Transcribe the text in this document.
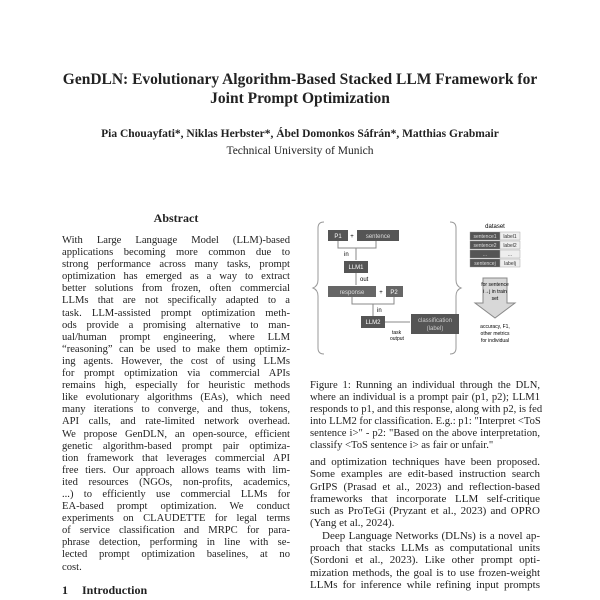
GenDLN: Evolutionary Algorithm-Based Stacked LLM Framework for
Joint Prompt Optimization
Pia Chouayfati*, Niklas Herbster*, Ábel Domonkos Sáfrán*, Matthias Grabmair
Technical University of Munich
Abstract
With Large Language Model (LLM)-based
applications becoming more common due to
strong performance across many tasks, prompt
optimization has emerged as a way to extract
better solutions from frozen, often commercial
LLMs that are not specifically adapted to a
task. LLM-assisted prompt optimization meth-
ods provide a promising alternative to man-
ual/human prompt engineering, where LLM
“reasoning” can be used to make them optimiz-
ing agents. However, the cost of using LLMs
for prompt optimization via commercial APIs
remains high, especially for heuristic methods
like evolutionary algorithms (EAs), which need
many iterations to converge, and thus, tokens,
API calls, and rate-limited network overhead.
We propose GenDLN, an open-source, efficient
genetic algorithm-based prompt pair optimiza-
tion framework that leverages commercial API
free tiers. Our approach allows teams with lim-
ited resources (NGOs, non-profits, academics,
...) to efficiently use commercial LLMs for
EA-based prompt optimization. We conduct
experiments on CLAUDETTE for legal terms
of service classification and MRPC for para-
phrase detection, performing in line with se-
lected prompt optimization baselines, at no
cost.
1 Introduction
P1 + sentence
in
LLM1
out
response + P2
in
LLM2
task
output
classification
(label)
dataset
sentence1 label1
sentence2 label2
...	...
sentencej labelj
for sentence
i→j in train
set
accuracy, F1,
other metrics
for individual
Figure 1: Running an individual through the DLN,
where an individual is a prompt pair (p1, p2); LLM1
responds to p1, and this response, along with p2, is fed
into LLM2 for classification. E.g.: p1: "Interpret <ToS
sentence i>" - p2: "Based on the above interpretation,
classify <ToS sentence i> as fair or unfair."
and optimization techniques have been proposed.
Some examples are edit-based instruction search
GrIPS (Prasad et al., 2023) and reflection-based
frameworks that incorporate LLM self-critique
such as ProTeGi (Pryzant et al., 2023) and OPRO
(Yang et al., 2024).
Deep Language Networks (DLNs) is a novel ap-
proach that stacks LLMs as computational units
(Sordoni et al., 2023). Like other prompt opti-
mization methods, the goal is to use frozen-weight
LLMs for inference while refining input prompts
